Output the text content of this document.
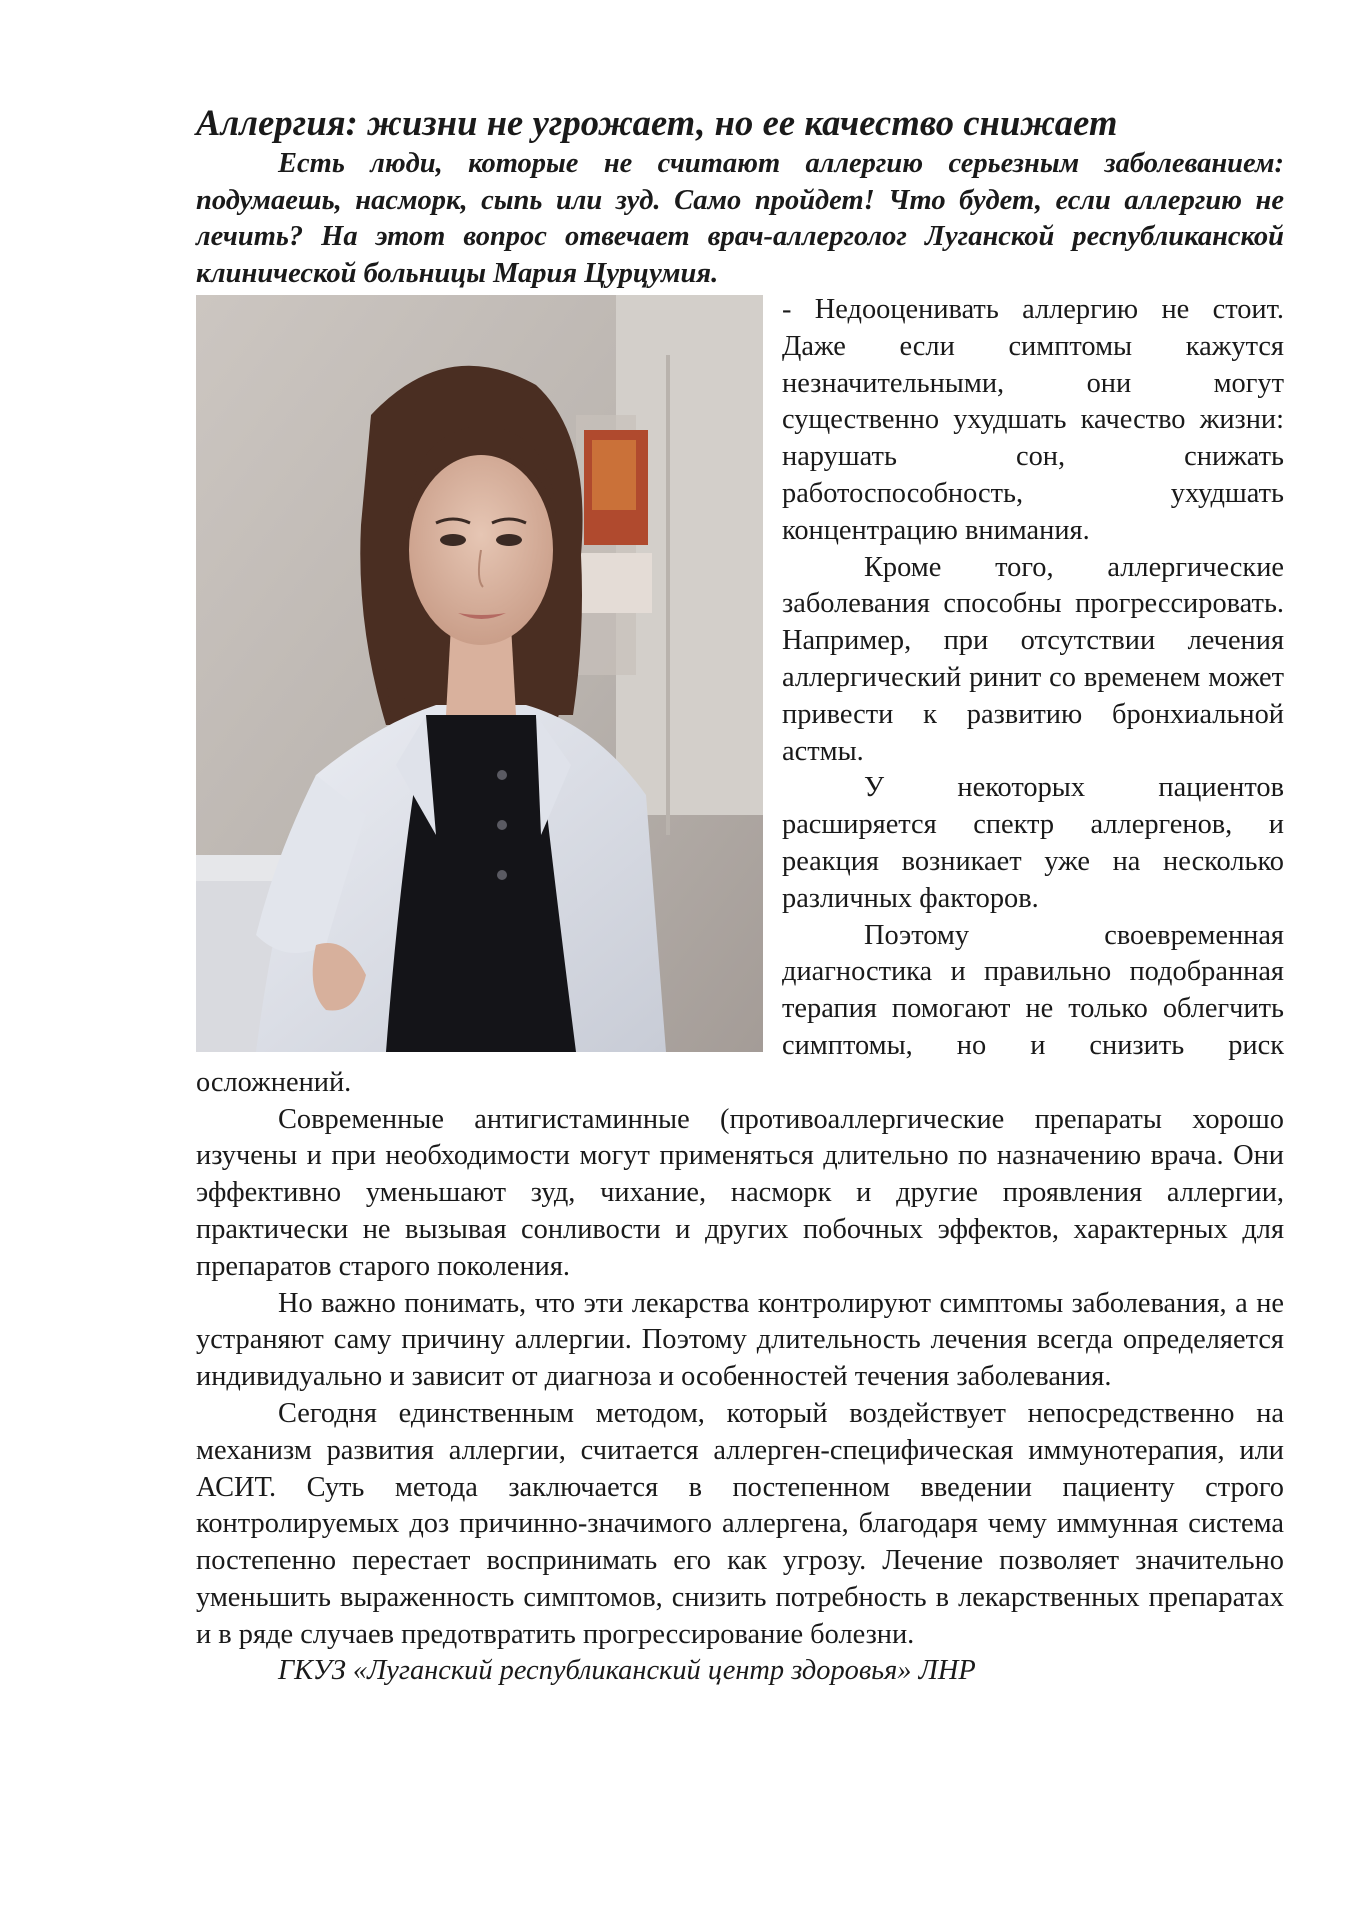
Аллергия: жизни не угрожает, но ее качество снижает

Есть люди, которые не считают аллергию серьезным заболеванием: подумаешь, насморк, сыпь или зуд. Само пройдет! Что будет, если аллергию не лечить? На этот вопрос отвечает врач-аллерголог Луганской республиканской клинической больницы Мария Цурцумия.

- Недооценивать аллергию не стоит. Даже если симптомы кажутся незначительными, они могут существенно ухудшать качество жизни: нарушать сон, снижать работоспособность, ухудшать концентрацию внимания.

Кроме того, аллергические заболевания способны прогрессировать. Например, при отсутствии лечения аллергический ринит со временем может привести к развитию бронхиальной астмы.

У некоторых пациентов расширяется спектр аллергенов, и реакция возникает уже на несколько различных факторов.

Поэтому своевременная диагностика и правильно подобранная терапия помогают не только облегчить симптомы, но и снизить риск осложнений.

Современные антигистаминные (противоаллергические препараты хорошо изучены и при необходимости могут применяться длительно по назначению врача. Они эффективно уменьшают зуд, чихание, насморк и другие проявления аллергии, практически не вызывая сонливости и других побочных эффектов, характерных для препаратов старого поколения.

Но важно понимать, что эти лекарства контролируют симптомы заболевания, а не устраняют саму причину аллергии. Поэтому длительность лечения всегда определяется индивидуально и зависит от диагноза и особенностей течения заболевания.

Сегодня единственным методом, который воздействует непосредственно на механизм развития аллергии, считается аллерген-специфическая иммунотерапия, или АСИТ. Суть метода заключается в постепенном введении пациенту строго контролируемых доз причинно-значимого аллергена, благодаря чему иммунная система постепенно перестает воспринимать его как угрозу. Лечение позволяет значительно уменьшить выраженность симптомов, снизить потребность в лекарственных препаратах и в ряде случаев предотвратить прогрессирование болезни.

ГКУЗ «Луганский республиканский центр здоровья» ЛНР
